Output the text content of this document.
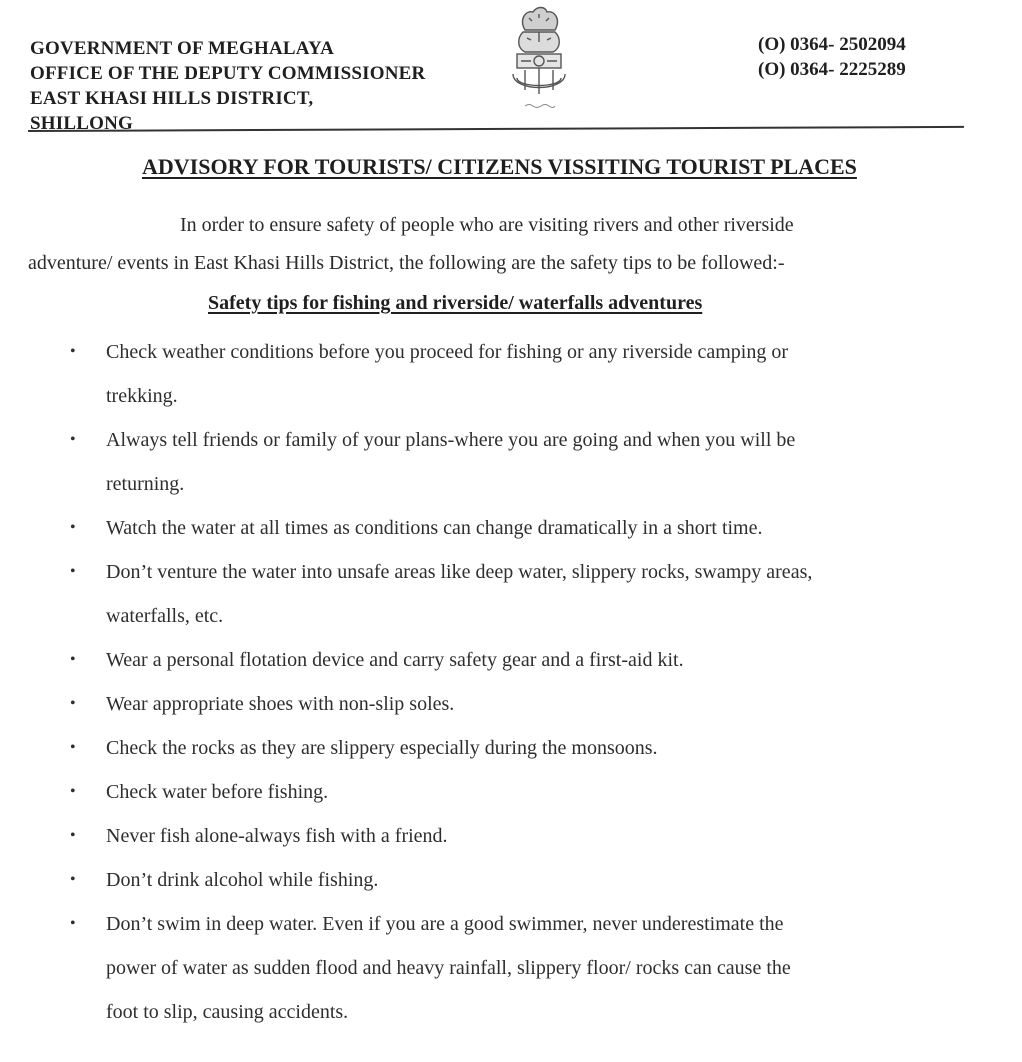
GOVERNMENT OF MEGHALAYA
OFFICE OF THE DEPUTY COMMISSIONER
EAST KHASI HILLS DISTRICT,
SHILLONG
(O) 0364- 2502094
(O) 0364- 2225289
ADVISORY FOR TOURISTS/ CITIZENS VISSITING TOURIST PLACES
In order to ensure safety of people who are visiting rivers and other riverside
adventure/ events in East Khasi Hills District, the following are the safety tips to be followed:-
Safety tips for fishing and riverside/ waterfalls adventures
• Check weather conditions before you proceed for fishing or any riverside camping or
trekking.
• Always tell friends or family of your plans-where you are going and when you will be
returning.
• Watch the water at all times as conditions can change dramatically in a short time.
• Don’t venture the water into unsafe areas like deep water, slippery rocks, swampy areas,
waterfalls, etc.
• Wear a personal flotation device and carry safety gear and a first-aid kit.
• Wear appropriate shoes with non-slip soles.
• Check the rocks as they are slippery especially during the monsoons.
• Check water before fishing.
• Never fish alone-always fish with a friend.
• Don’t drink alcohol while fishing.
• Don’t swim in deep water. Even if you are a good swimmer, never underestimate the
power of water as sudden flood and heavy rainfall, slippery floor/ rocks can cause the
foot to slip, causing accidents.
